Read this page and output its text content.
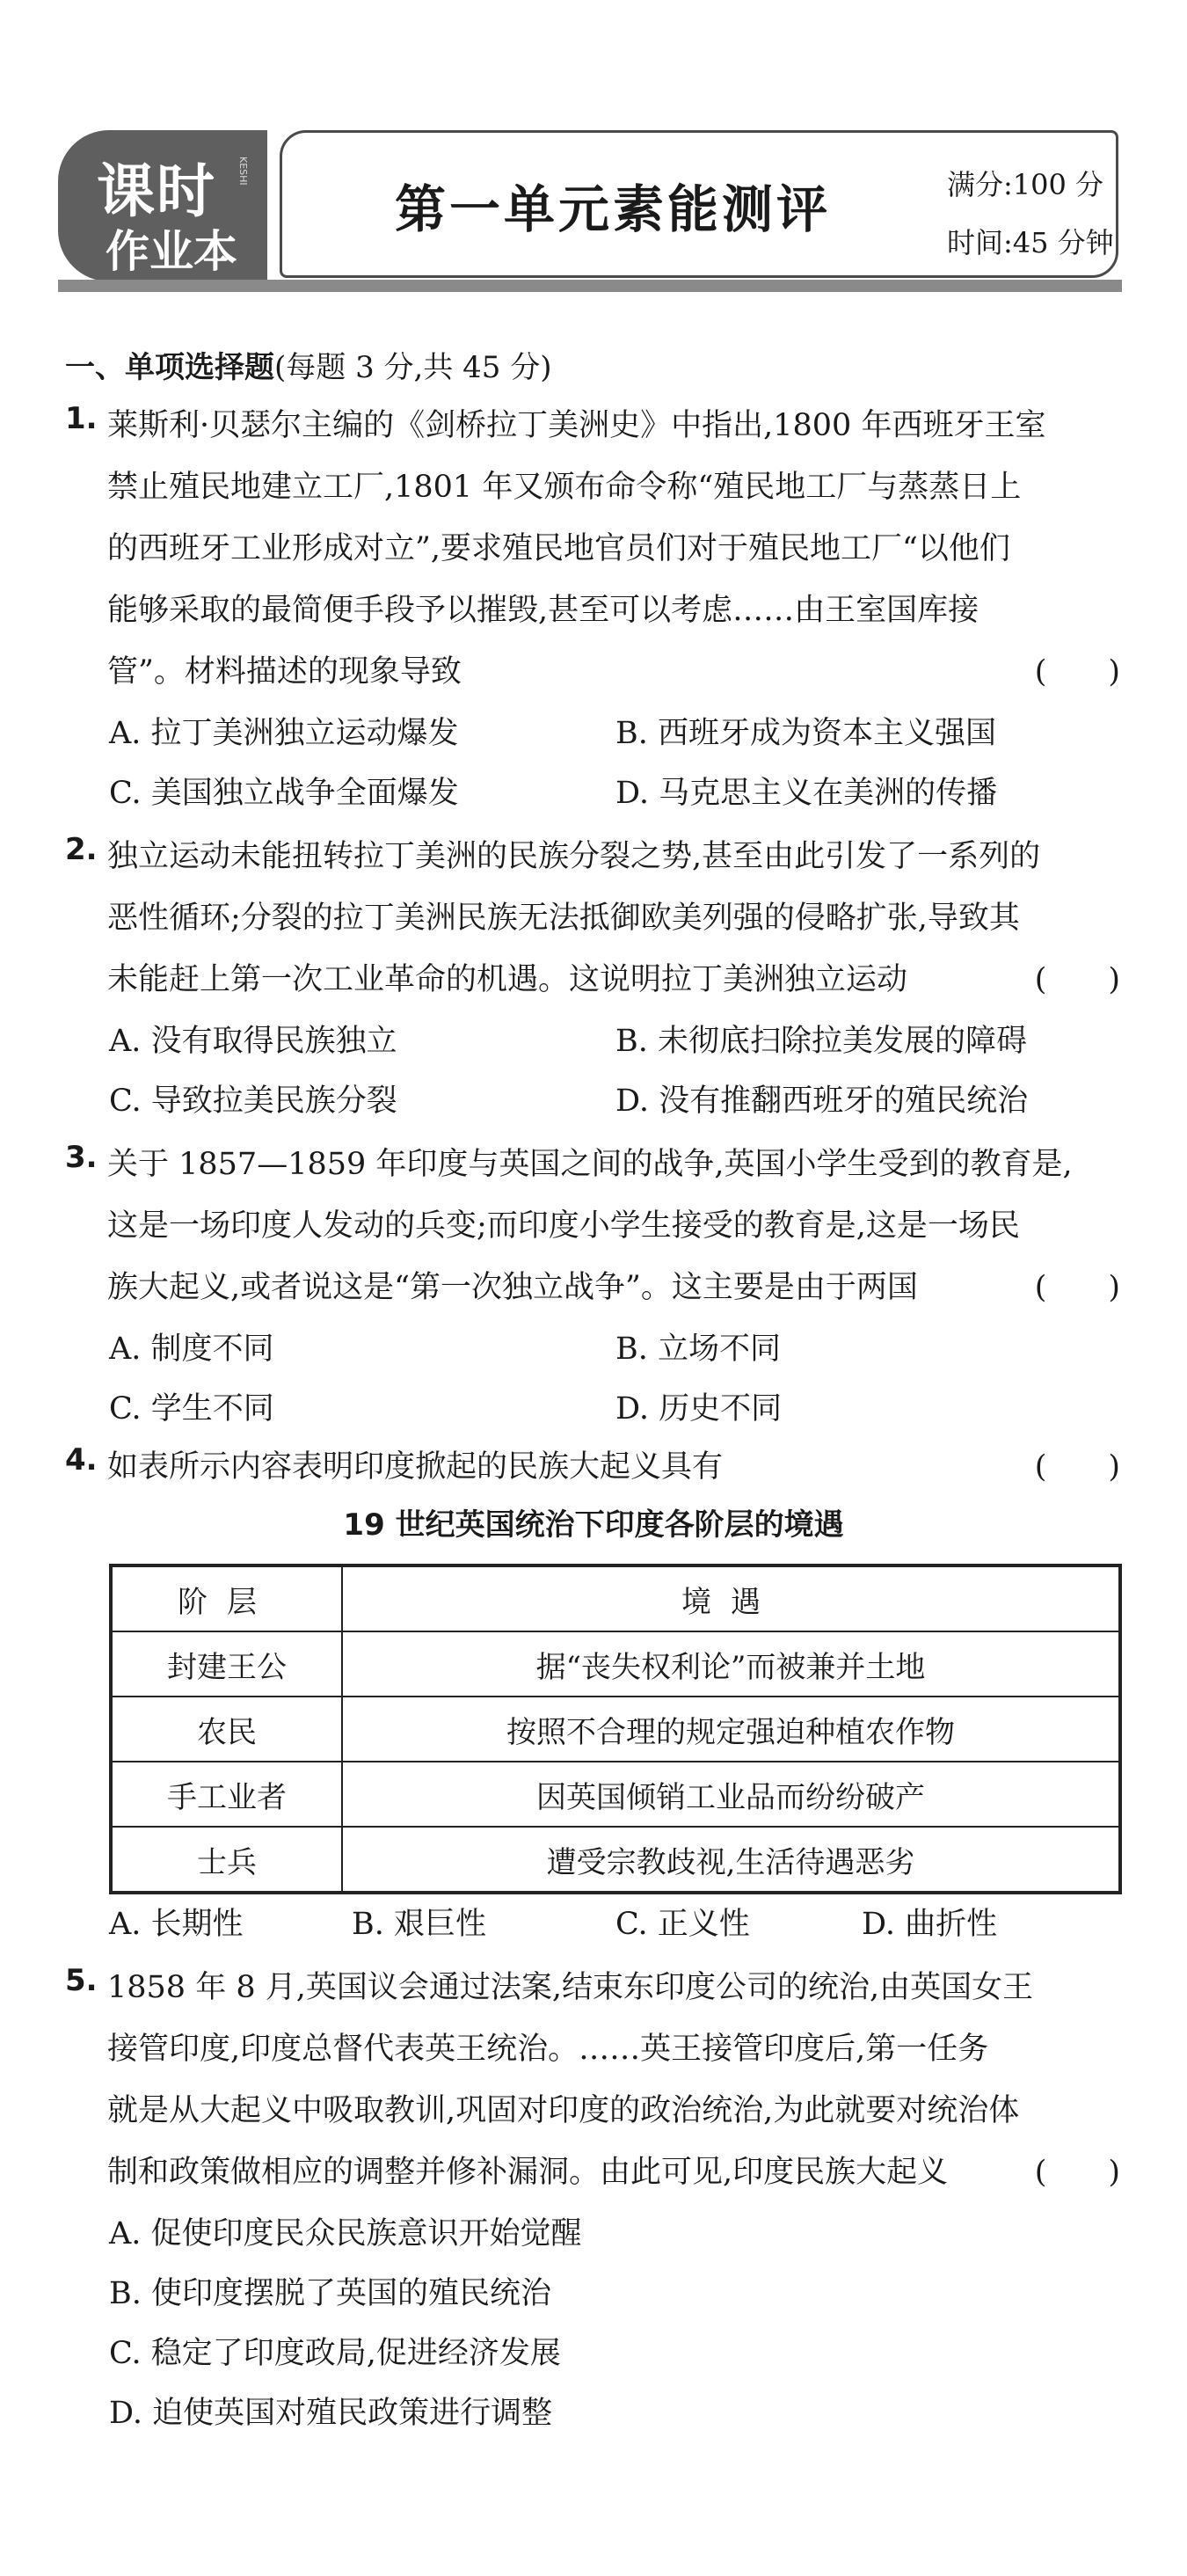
课时 KESHI
作业本
第一单元素能测评	满分:100 分
时间:45 分钟
一、单项选择题(每题 3 分,共 45 分)
1. 莱斯利·贝瑟尔主编的《剑桥拉丁美洲史》中指出,1800 年西班牙王室
禁止殖民地建立工厂,1801 年又颁布命令称“殖民地工厂与蒸蒸日上
的西班牙工业形成对立”,要求殖民地官员们对于殖民地工厂“以他们
能够采取的最简便手段予以摧毁,甚至可以考虑……由王室国库接
管”。材料描述的现象导致	(　　)
A. 拉丁美洲独立运动爆发	B. 西班牙成为资本主义强国
C. 美国独立战争全面爆发	D. 马克思主义在美洲的传播
2. 独立运动未能扭转拉丁美洲的民族分裂之势,甚至由此引发了一系列的
恶性循环;分裂的拉丁美洲民族无法抵御欧美列强的侵略扩张,导致其
未能赶上第一次工业革命的机遇。这说明拉丁美洲独立运动	(　　)
A. 没有取得民族独立	B. 未彻底扫除拉美发展的障碍
C. 导致拉美民族分裂	D. 没有推翻西班牙的殖民统治
3. 关于 1857—1859 年印度与英国之间的战争,英国小学生受到的教育是,
这是一场印度人发动的兵变;而印度小学生接受的教育是,这是一场民
族大起义,或者说这是“第一次独立战争”。这主要是由于两国	(　　)
A. 制度不同	B. 立场不同
C. 学生不同	D. 历史不同
4. 如表所示内容表明印度掀起的民族大起义具有	(　　)
19 世纪英国统治下印度各阶层的境遇
阶层	境遇
封建王公	据“丧失权利论”而被兼并土地
农民	按照不合理的规定强迫种植农作物
手工业者	因英国倾销工业品而纷纷破产
士兵	遭受宗教歧视,生活待遇恶劣
A. 长期性	B. 艰巨性	C. 正义性	D. 曲折性
5. 1858 年 8 月,英国议会通过法案,结束东印度公司的统治,由英国女王
接管印度,印度总督代表英王统治。……英王接管印度后,第一任务
就是从大起义中吸取教训,巩固对印度的政治统治,为此就要对统治体
制和政策做相应的调整并修补漏洞。由此可见,印度民族大起义	(　　)
A. 促使印度民众民族意识开始觉醒
B. 使印度摆脱了英国的殖民统治
C. 稳定了印度政局,促进经济发展
D. 迫使英国对殖民政策进行调整
